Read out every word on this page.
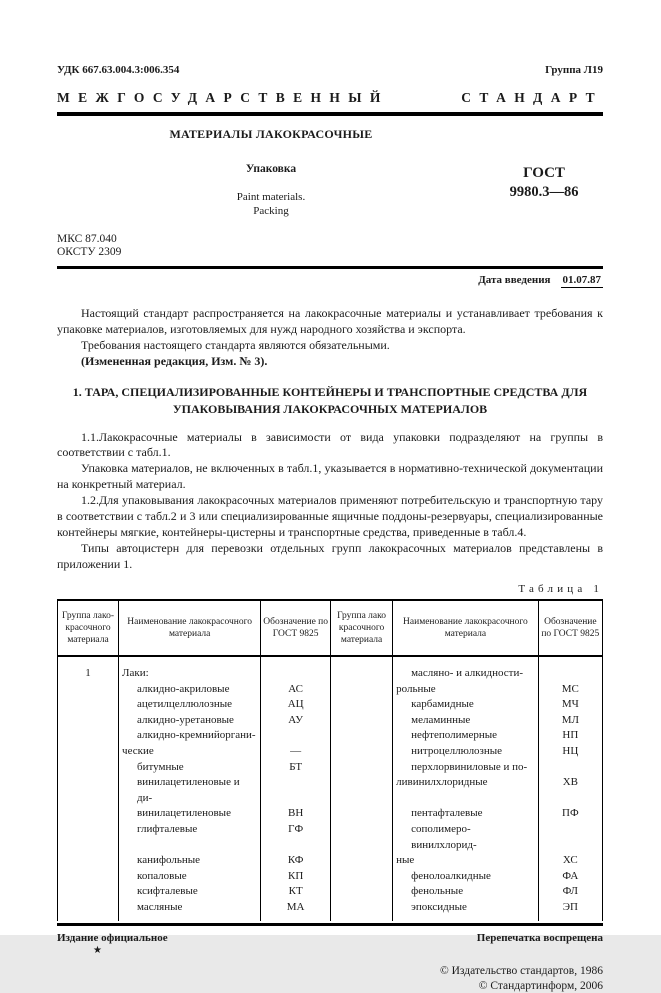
УДК 667.63.004.3:006.354	Группа Л19
МЕЖГОСУДАРСТВЕННЫЙ	СТАНДАРТ
МАТЕРИАЛЫ ЛАКОКРАСОЧНЫЕ
Упаковка
Paint materials.
Packing
ГОСТ
9980.3—86
МКС 87.040
ОКСТУ 2309
Дата введения 01.07.87

Настоящий стандарт распространяется на лакокрасочные материалы и устанавливает требования к упаковке материалов, изготовляемых для нужд народного хозяйства и экспорта.

Требования настоящего стандарта являются обязательными.

(Измененная редакция, Изм. № 3).

1. ТАРА, СПЕЦИАЛИЗИРОВАННЫЕ КОНТЕЙНЕРЫ И ТРАНСПОРТНЫЕ СРЕДСТВА ДЛЯ УПАКОВЫВАНИЯ ЛАКОКРАСОЧНЫХ МАТЕРИАЛОВ

1.1.Лакокрасочные материалы в зависимости от вида упаковки подразделяют на группы в соответствии с табл.1.

Упаковка материалов, не включенных в табл.1, указывается в нормативно-технической документации на конкретный материал.

1.2.Для упаковывания лакокрасочных материалов применяют потребительскую и транспортную тару в соответствии с табл.2 и 3 или специализированные ящичные поддоны-резервуары, специализированные контейнеры мягкие, контейнеры-цистерны и транспортные средства, приведенные в табл.4.

Типы автоцистерн для перевозки отдельных групп лакокрасочных материалов представлены в приложении 1.

Таблица 1
Группа лако-красочного материала	Наименование лакокрасочного материала	Обозначение по ГОСТ 9825	Группа лако красочного материала	Наименование лакокрасочного материала	Обозначение по ГОСТ 9825
1	Лаки:			масляно- и алкидности-	
	алкидно-акриловые	АС		рольные	МС
	ацетилцеллюлозные	АЦ		карбамидные	МЧ
	алкидно-уретановые	АУ		меламинные	МЛ
	алкидно-кремнийоргани-			нефтеполимерные	НП
	ческие	—		нитроцеллюлозные	НЦ
	битумные	БТ		перхлорвиниловые и по-	
	винилацетиленовые и ди-			ливинилхлоридные	ХВ
	винилацетиленовые	ВН		пентафталевые	ПФ
	глифталевые	ГФ		сополимеро-винилхлорид-	
	канифольные	КФ		ные	ХС
	копаловые	КП		фенолоалкидные	ФА
	ксифталевые	КТ		фенольные	ФЛ
	масляные	МА		эпоксидные	ЭП
Издание официальное	Перепечатка воспрещена
★
© Издательство стандартов, 1986
© Стандартинформ, 2006
